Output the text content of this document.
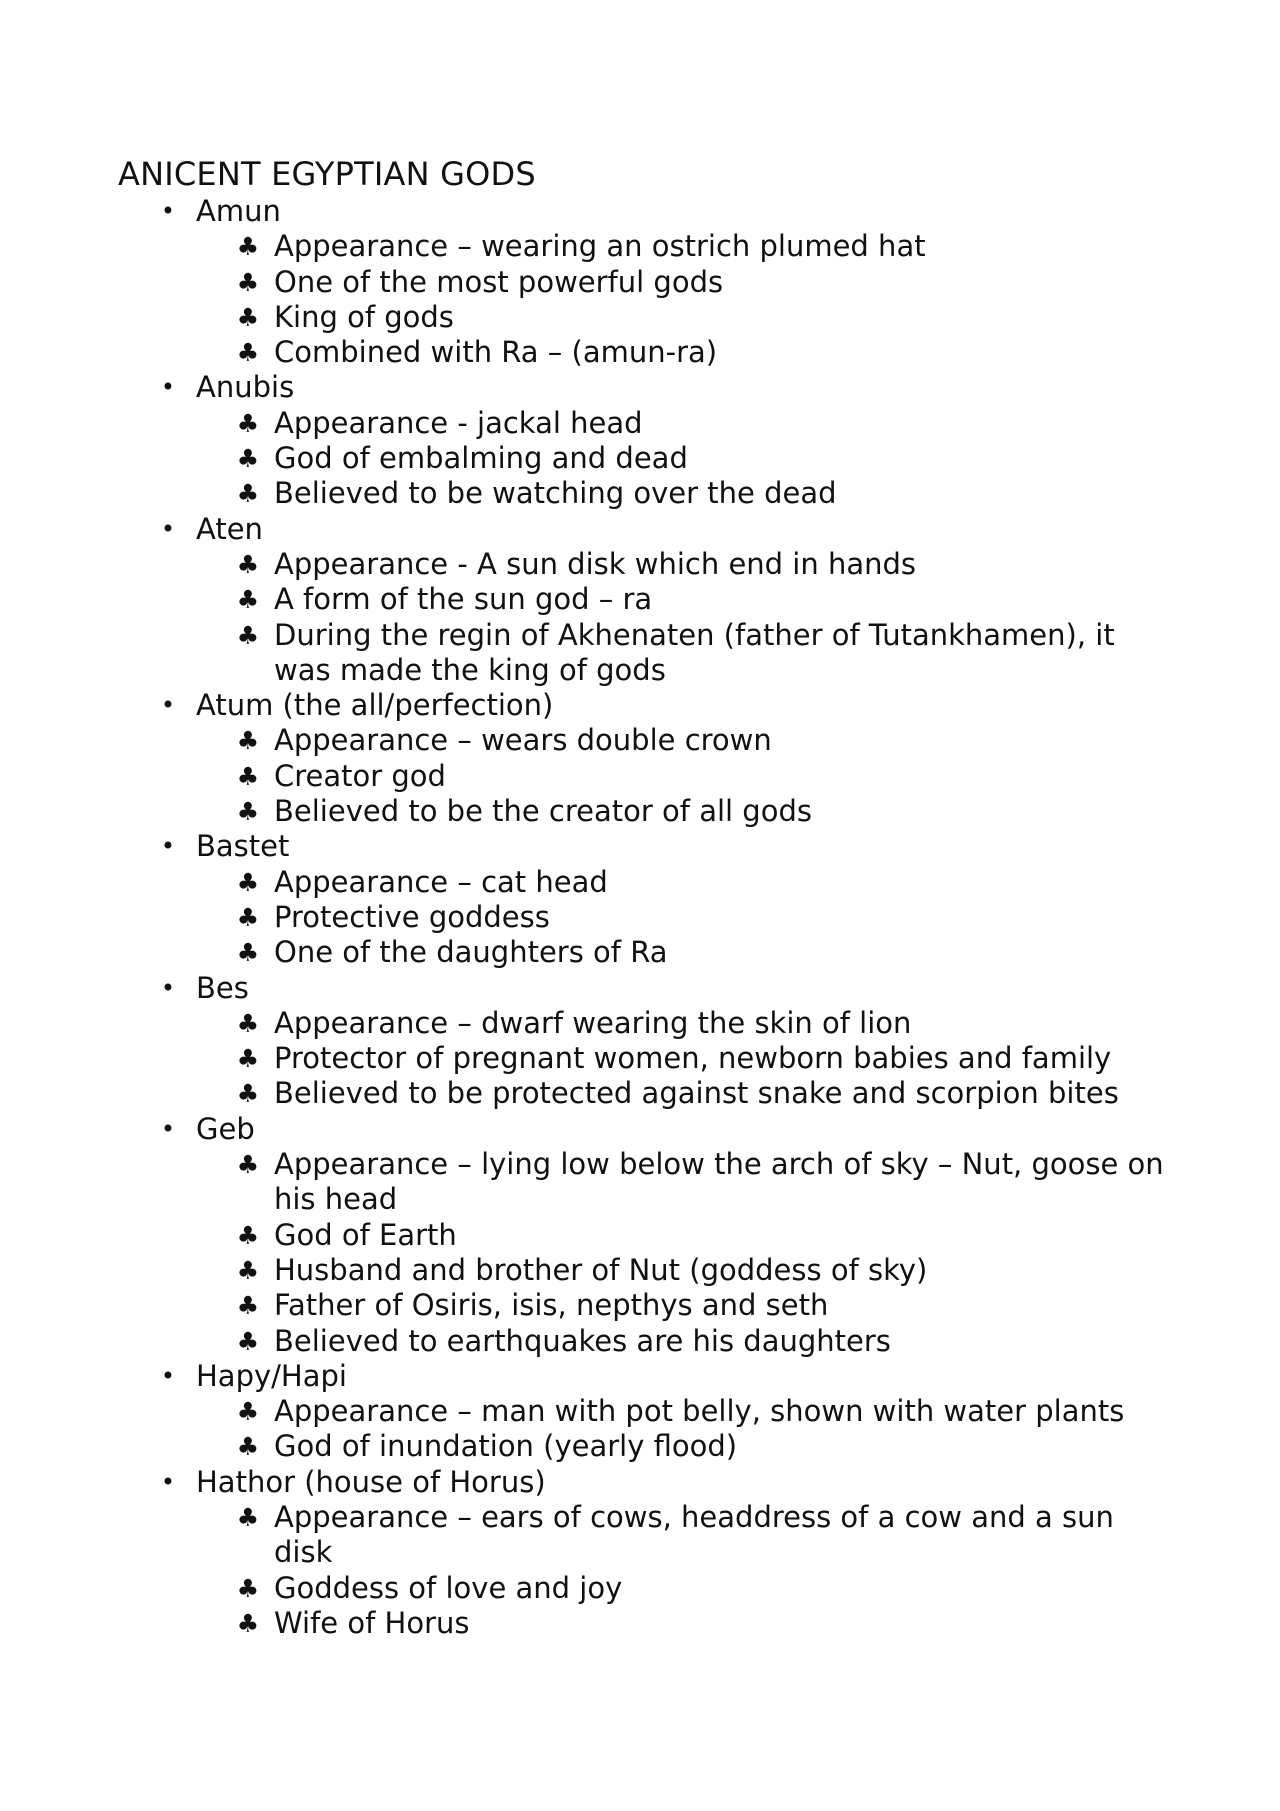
ANICENT EGYPTIAN GODS
• Amun
♣ Appearance – wearing an ostrich plumed hat
♣ One of the most powerful gods
♣ King of gods
♣ Combined with Ra – (amun-ra)
• Anubis
♣ Appearance - jackal head
♣ God of embalming and dead
♣ Believed to be watching over the dead
• Aten
♣ Appearance - A sun disk which end in hands
♣ A form of the sun god – ra
♣ During the regin of Akhenaten (father of Tutankhamen), it was made the king of gods
• Atum (the all/perfection)
♣ Appearance – wears double crown
♣ Creator god
♣ Believed to be the creator of all gods
• Bastet
♣ Appearance – cat head
♣ Protective goddess
♣ One of the daughters of Ra
• Bes
♣ Appearance – dwarf wearing the skin of lion
♣ Protector of pregnant women, newborn babies and family
♣ Believed to be protected against snake and scorpion bites
• Geb
♣ Appearance – lying low below the arch of sky – Nut, goose on his head
♣ God of Earth
♣ Husband and brother of Nut (goddess of sky)
♣ Father of Osiris, isis, nepthys and seth
♣ Believed to earthquakes are his daughters
• Hapy/Hapi
♣ Appearance – man with pot belly, shown with water plants
♣ God of inundation (yearly flood)
• Hathor (house of Horus)
♣ Appearance – ears of cows, headdress of a cow and a sun disk
♣ Goddess of love and joy
♣ Wife of Horus
